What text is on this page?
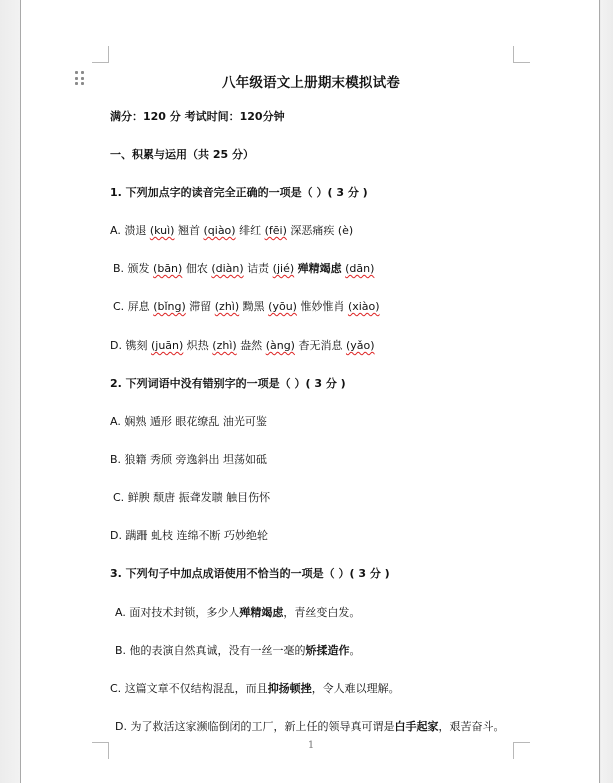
八年级语文上册期末模拟试卷
满分：120 分 考试时间：120分钟
一、积累与运用（共 25 分）
1. 下列加点字的读音完全正确的一项是（ ）( 3 分 )
A. 溃退 (kuì) 翘首 (qiào) 绯红 (fēi) 深恶痛疾 (è)
B. 颁发 (bān) 佃农 (diàn) 诘责 (jié) 殚精竭虑 (dān)
C. 屏息 (bǐng) 滞留 (zhì) 黝黑 (yōu) 惟妙惟肖 (xiào)
D. 镌刻 (juān) 炽热 (zhì) 盎然 (àng) 杳无消息 (yǎo)
2. 下列词语中没有错别字的一项是（ ）( 3 分 )
A. 娴熟 遁形 眼花缭乱 油光可鉴
B. 狼籍 秀颀 旁逸斜出 坦荡如砥
C. 鲜腴 颓唐 振聋发聩 触目伤怀
D. 蹒跚 虬枝 连绵不断 巧妙绝轮
3. 下列句子中加点成语使用不恰当的一项是（ ）( 3 分 )
A. 面对技术封锁，多少人殚精竭虑，青丝变白发。
B. 他的表演自然真诚，没有一丝一毫的矫揉造作。
C. 这篇文章不仅结构混乱，而且抑扬顿挫，令人难以理解。
D. 为了救活这家濒临倒闭的工厂，新上任的领导真可谓是白手起家，艰苦奋斗。
1
